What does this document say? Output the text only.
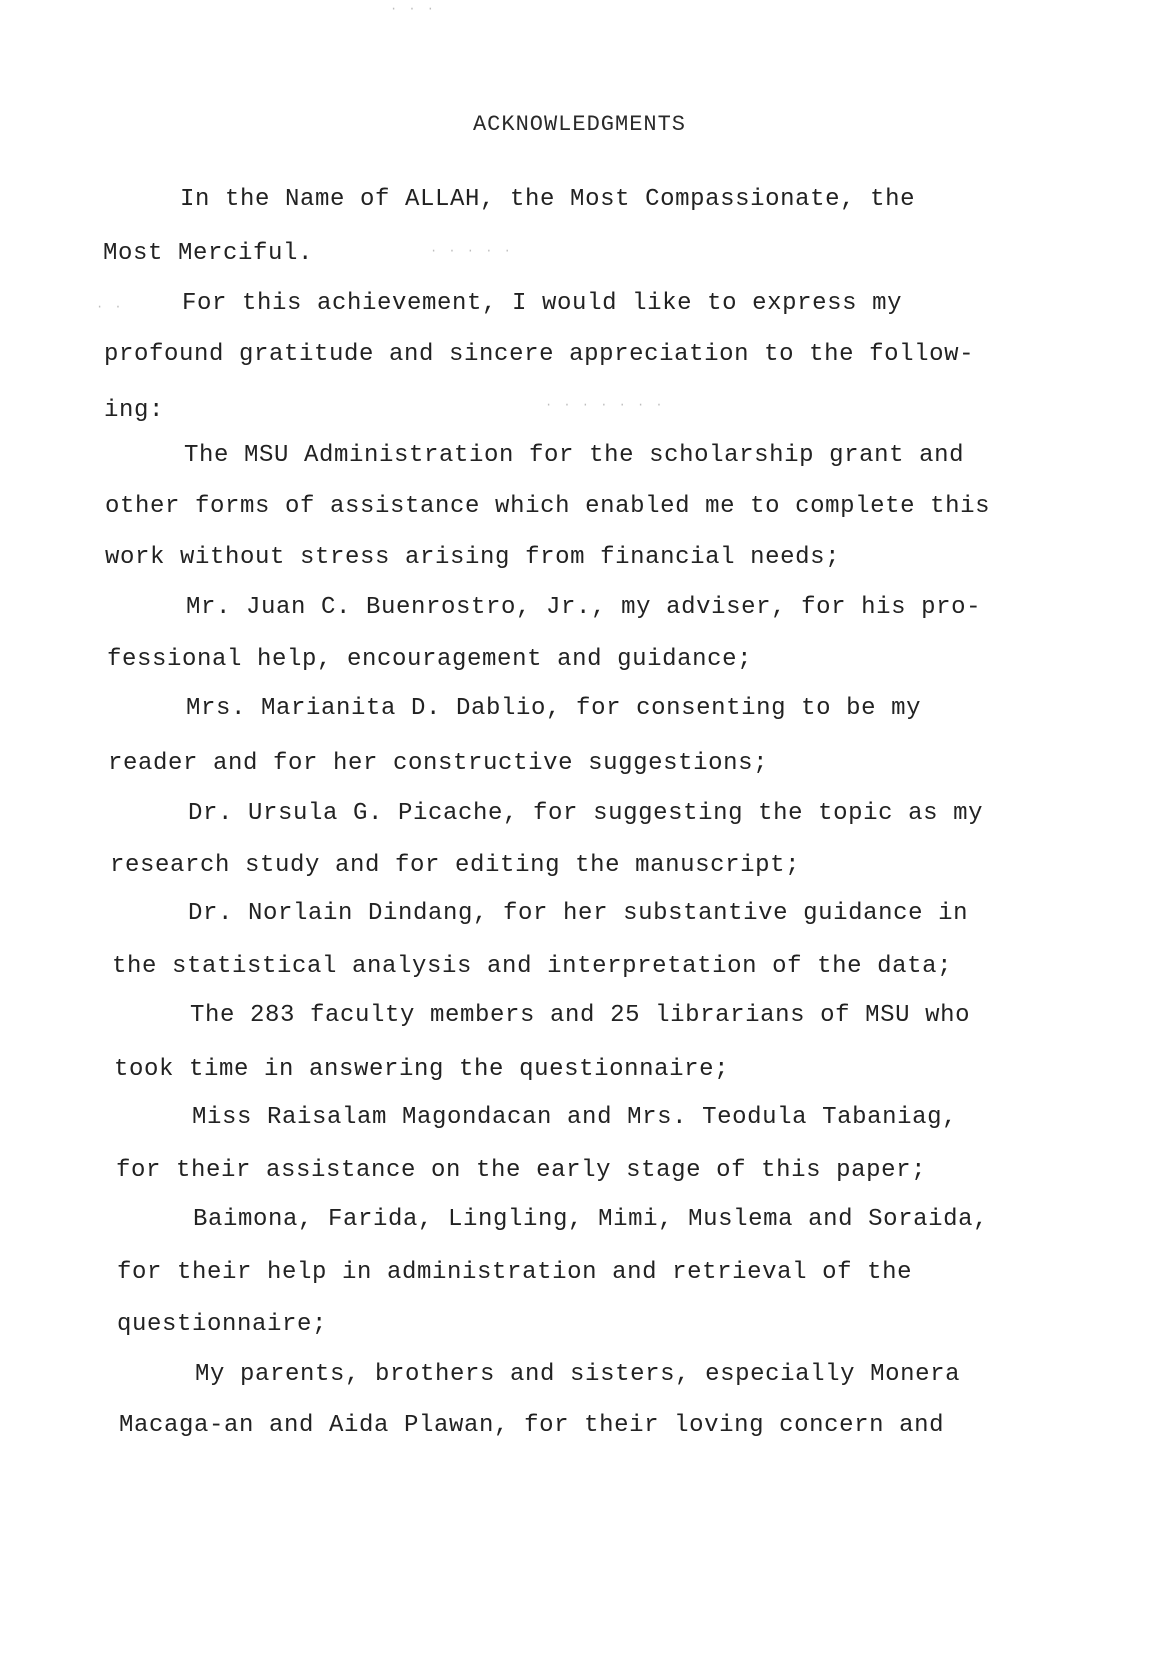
· · ·
· · · · ·
· ·
· · · · · · ·
ACKNOWLEDGMENTS
In the Name of ALLAH, the Most Compassionate, the
Most Merciful.
For this achievement, I would like to express my
profound gratitude and sincere appreciation to the follow-
ing:
The MSU Administration for the scholarship grant and
other forms of assistance which enabled me to complete this
work without stress arising from financial needs;
Mr. Juan C. Buenrostro, Jr., my adviser, for his pro-
fessional help, encouragement and guidance;
Mrs. Marianita D. Dablio, for consenting to be my
reader and for her constructive suggestions;
Dr. Ursula G. Picache, for suggesting the topic as my
research study and for editing the manuscript;
Dr. Norlain Dindang, for her substantive guidance in
the statistical analysis and interpretation of the data;
The 283 faculty members and 25 librarians of MSU who
took time in answering the questionnaire;
Miss Raisalam Magondacan and Mrs. Teodula Tabaniag,
for their assistance on the early stage of this paper;
Baimona, Farida, Lingling, Mimi, Muslema and Soraida,
for their help in administration and retrieval of the
questionnaire;
My parents, brothers and sisters, especially Monera
Macaga-an and Aida Plawan, for their loving concern and
